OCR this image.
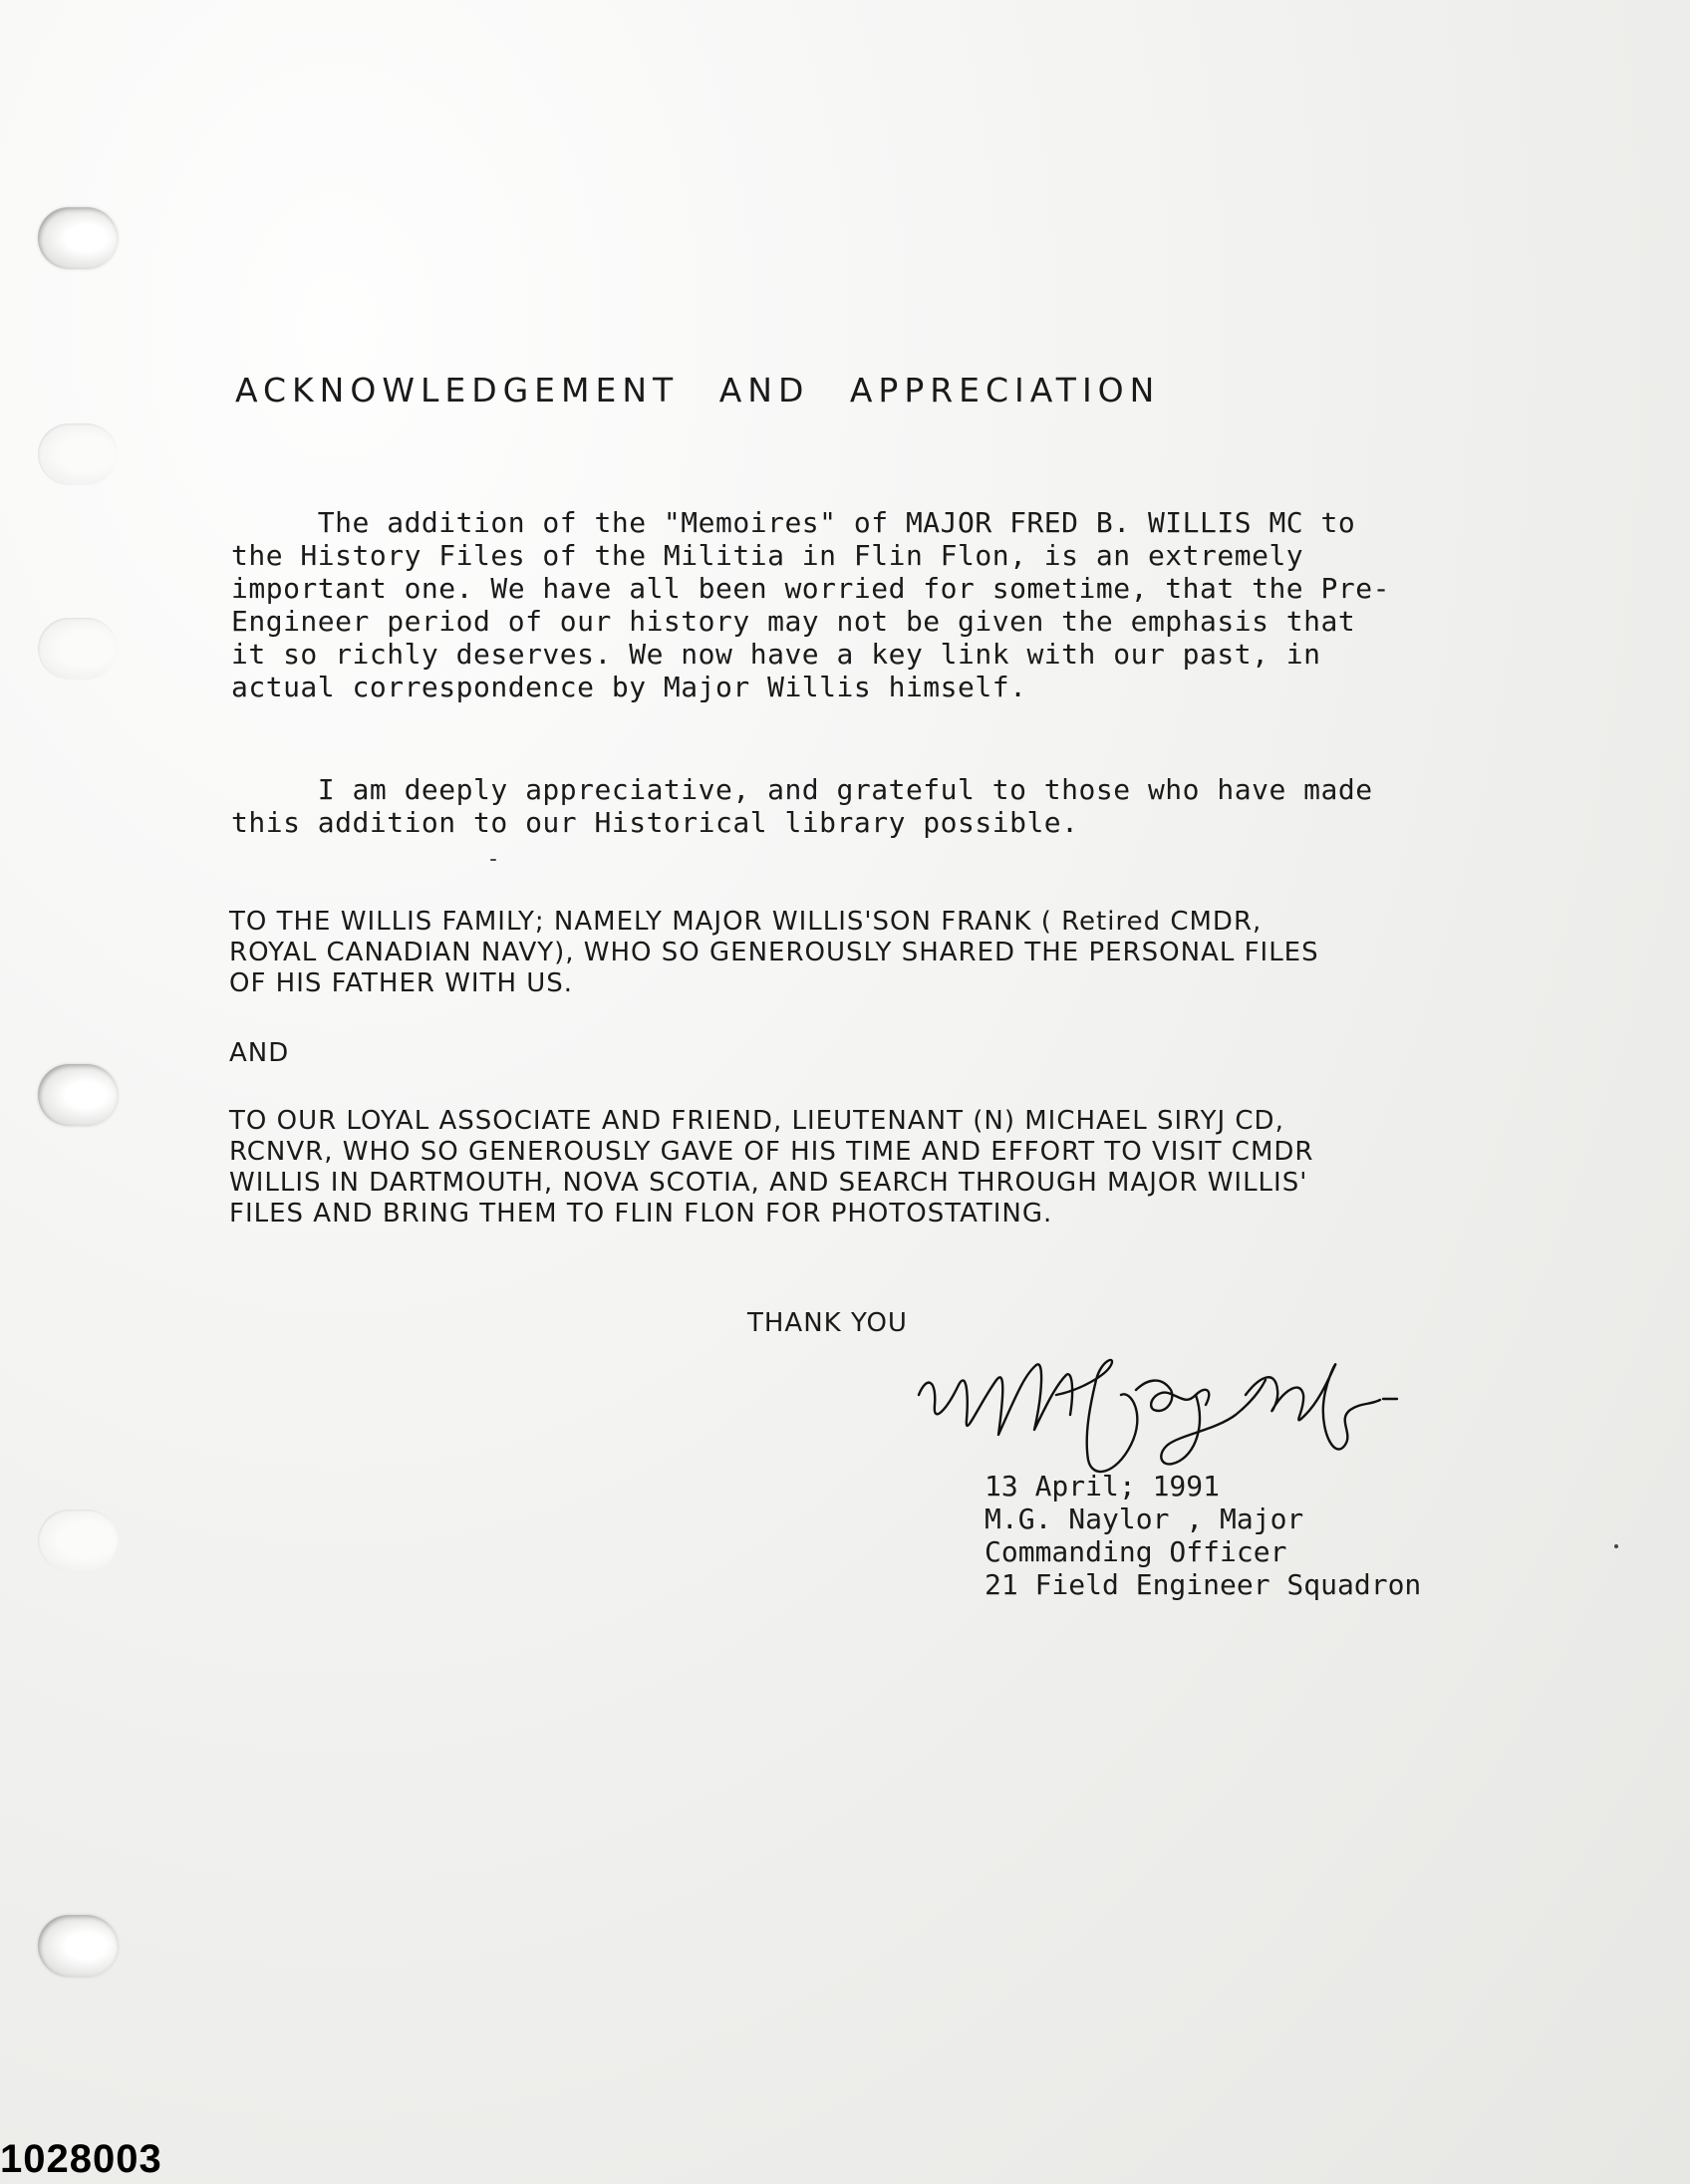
ACKNOWLEDGEMENT AND APPRECIATION

The addition of the "Memoires" of MAJOR FRED B. WILLIS MC to

the History Files of the Militia in Flin Flon, is an extremely

important one. We have all been worried for sometime, that the Pre-

Engineer period of our history may not be given the emphasis that

it so richly deserves. We now have a key link with our past, in

actual correspondence by Major Willis himself.

I am deeply appreciative, and grateful to those who have made

this addition to our Historical library possible.

TO THE WILLIS FAMILY; NAMELY MAJOR WILLIS'SON FRANK ( Retired CMDR,

ROYAL CANADIAN NAVY), WHO SO GENEROUSLY SHARED THE PERSONAL FILES

OF HIS FATHER WITH US.

AND

TO OUR LOYAL ASSOCIATE AND FRIEND, LIEUTENANT (N) MICHAEL SIRYJ CD,

RCNVR, WHO SO GENEROUSLY GAVE OF HIS TIME AND EFFORT TO VISIT CMDR

WILLIS IN DARTMOUTH, NOVA SCOTIA, AND SEARCH THROUGH MAJOR WILLIS'

FILES AND BRING THEM TO FLIN FLON FOR PHOTOSTATING.

THANK YOU
13 April; 1991
M.G. Naylor , Major
Commanding Officer
21 Field Engineer Squadron
1028003
